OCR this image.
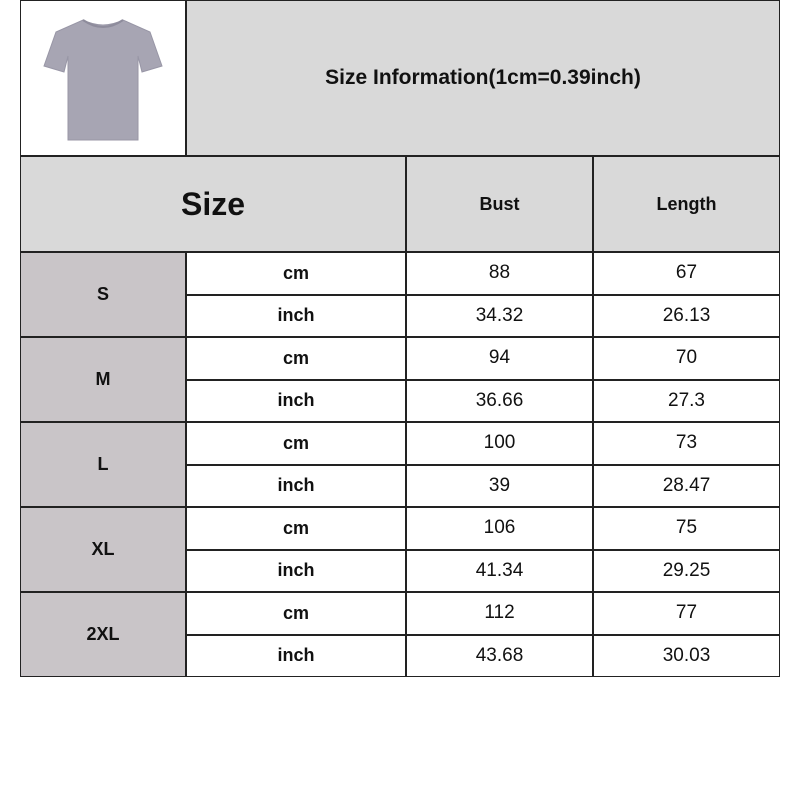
Size Information(1cm=0.39inch)
Size	Bust	Length
S
cm	88	67
inch	34.32	26.13
M
cm	94	70
inch	36.66	27.3
L
cm	100	73
inch	39	28.47
XL
cm	106	75
inch	41.34	29.25
2XL
cm	112	77
inch	43.68	30.03
